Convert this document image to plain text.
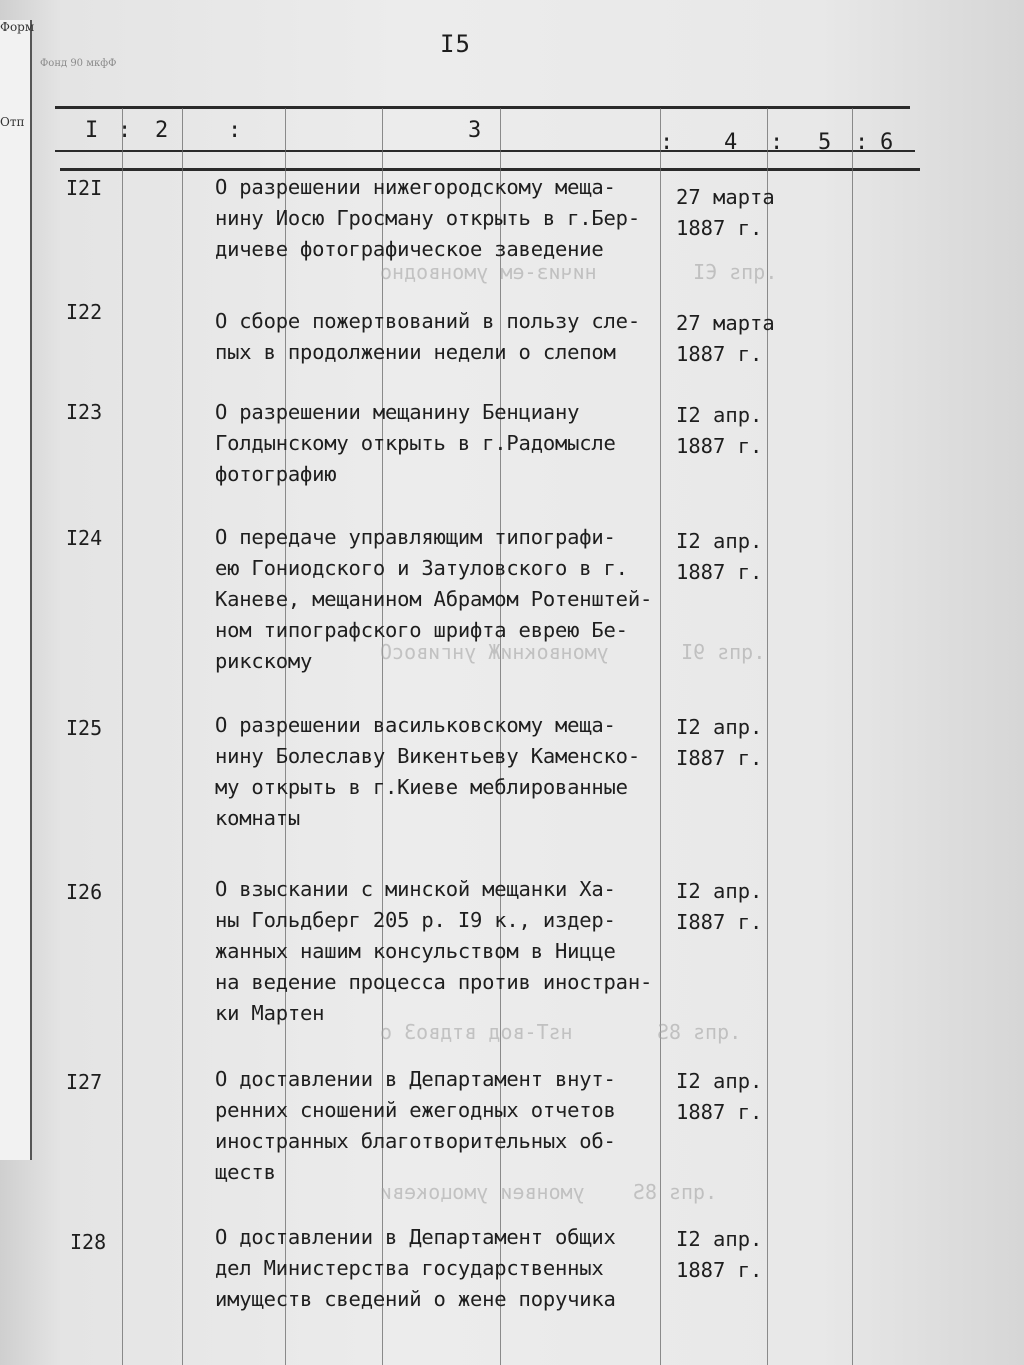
Форм
Отп
I5
Фонд 90 мкфФ
I : 2	:	3	: 4 : 5 : 6
.qпs ЄI        ничиз-ем умонводно
.qпs 9I      умонвокниЖ унгивосО
.qпs 8S       нsТ-вод втдвоЗ о
.qпs 8S    умонвеи умоцокеви
I2I	О разрешении нижегородскому меща-
нину Иосю Гросману открыть в г.Бер-
дичеве фотографическое заведение
27 марта
1887 г.
I22	О сборе пожертвований в пользу сле-
пых в продолжении недели о слепом
27 марта
1887 г.
I23	О разрешении мещанину Бенциану
Голдынскому открыть в г.Радомысле
фотографию
I2 апр.
1887 г.
I24	О передаче управляющим типографи-
ею Гониодского и Затуловского в г.
Каневе, мещанином Абрамом Ротенштей-
ном типографского шрифта еврею Бе-
рикскому
I2 апр.
1887 г.
I25	О разрешении васильковскому меща-
нину Болеславу Викентьеву Каменско-
му открыть в г.Киеве меблированные
комнаты
I2 апр.
I887 г.
I26	О взыскании с минской мещанки Ха-
ны Гольдберг 205 р. I9 к., издер-
жанных нашим консульством в Ницце
на ведение процесса против иностран-
ки Мартен
I2 апр.
I887 г.
I27	О доставлении в Департамент внут-
ренних сношений ежегодных отчетов
иностранных благотворительных об-
ществ
I2 апр.
1887 г.
I28	О доставлении в Департамент общих
дел Министерства государственных
имуществ сведений о жене поручика
I2 апр.
1887 г.
